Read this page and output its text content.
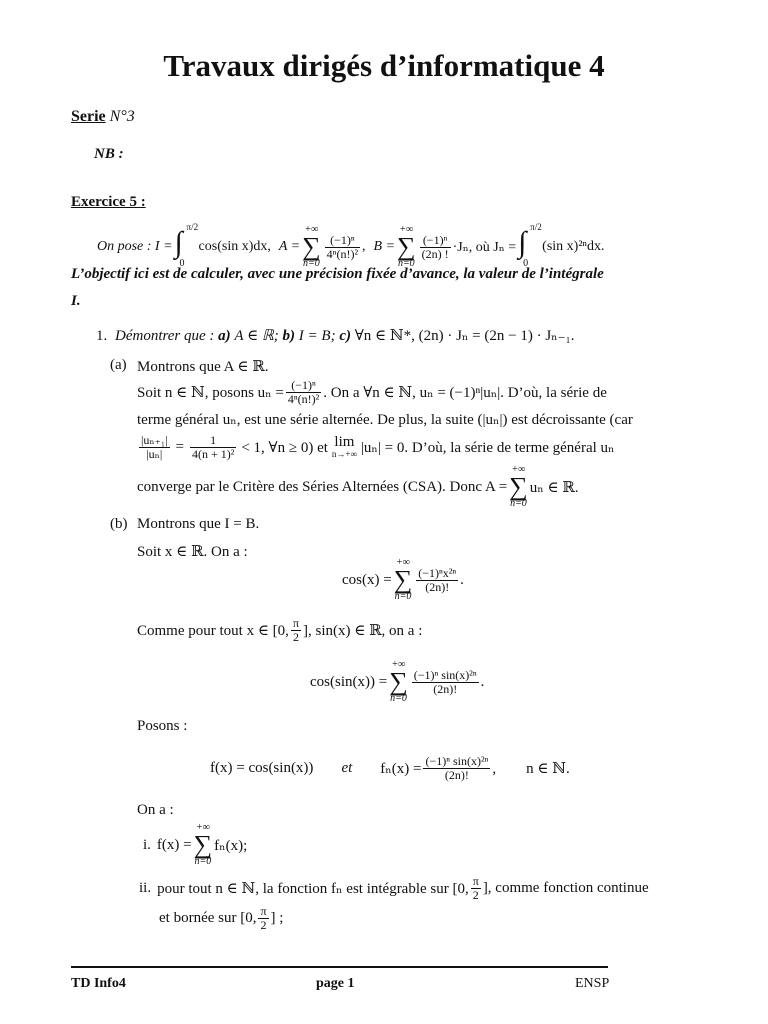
Travaux dirigés d’informatique 4
Serie N°3
NB :
Exercice 5 :
On pose : I = ∫ π/2
0
cos(sin x)dx, A =
+∞
∑
n=0
$\frac{\text{(−1)ⁿ}}{\text{4ⁿ(n!)²}}$ , B =
+∞
∑
n=0
$\frac{\text{(−1)ⁿ}}{(2n) !} \cdot J_n$, où Jₙ = ∫ π/2
0
(sin x)²ⁿdx.
L’objectif ici est de calculer, avec une précision fixée d’avance, la valeur de l’intégrale
I.
1. Démontrer que : a) A ∈ ℝ; b) I = B; c) ∀n ∈ ℕ*, (2n) · Jₙ = (2n − 1) · Jₙ₋₁.
(a) Montrons que A ∈ ℝ.
Soit n ∈ ℕ, posons $u_n = \frac{\text{(−1)ⁿ}}{\text{4ⁿ(n!)²}}$ . On a ∀n ∈ ℕ, uₙ = (−1)ⁿ|uₙ|. D’où, la série de
terme général uₙ, est une série alternée. De plus, la suite (|uₙ|) est décroissante (car
$\frac{\text{|uₙ₊₁|}}{\text{|uₙ|}} = \frac{1}{\text{4(n + 1)²}} < 1$, ∀n ≥ 0) et lim
n→+∞ |uₙ| = 0. D’où, la série de terme général uₙ
converge par le Critère des Séries Alternées (CSA). Donc A =
+∞
∑
n=0
uₙ ∈ ℝ.
(b) Montrons que I = B.
Soit x ∈ ℝ. On a :
cos(x) =
+∞
∑
n=0
$\frac{\text{(−1)ⁿx²ⁿ}}{(2n)!}$ .
Comme pour tout x ∈ [0, $\frac{\pi}{2}$ ], sin(x) ∈ ℝ, on a :
cos(sin(x)) =
+∞
∑
n=0
$\frac{\text{(−1)ⁿ sin(x)²ⁿ}}{(2n)!}$ .
Posons :
f(x) = cos(sin(x)) et $f_n(x) = \frac{\text{(−1)ⁿ sin(x)²ⁿ}}{(2n)!}$ ,        n ∈ ℕ.
On a :
i. f(x) =
+∞
∑
n=0
fₙ(x);
ii. pour tout n ∈ ℕ, la fonction fₙ est intégrable sur [0, $\frac{\pi}{2}$ ], comme fonction continue
et bornée sur [0, $\frac{\pi}{2}$ ] ;
TD Info4	page 1	ENSP
